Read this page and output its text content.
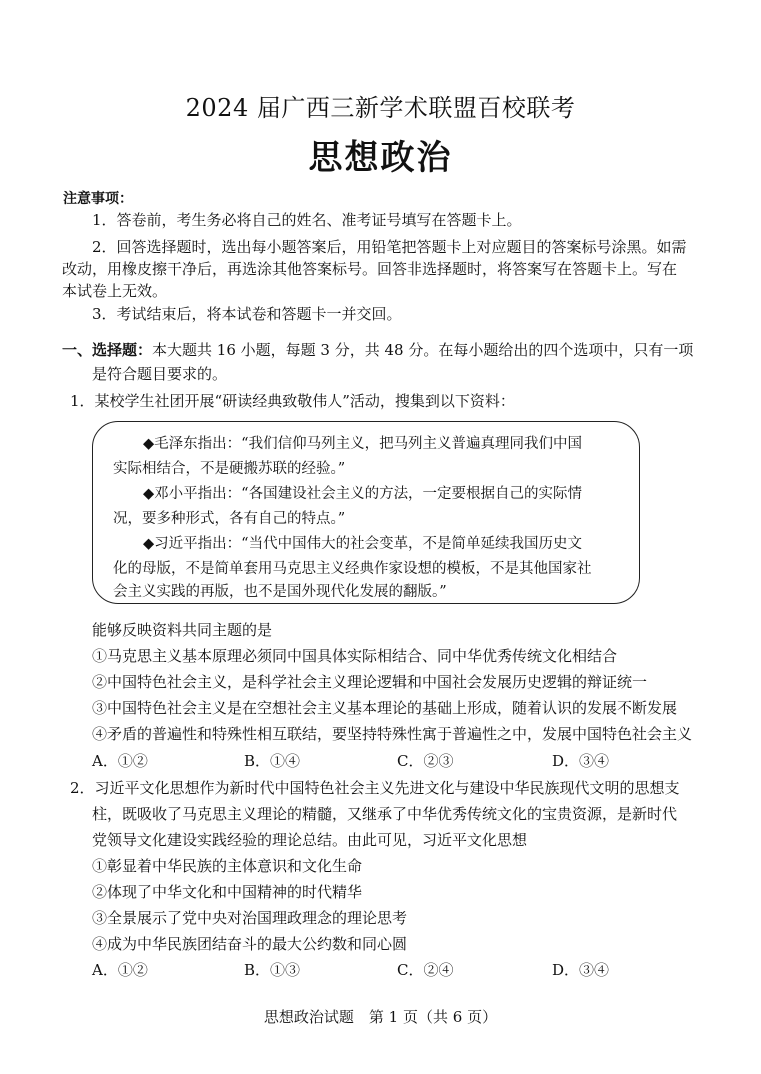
2024 届广西三新学术联盟百校联考
思想政治
注意事项：
1．答卷前，考生务必将自己的姓名、准考证号填写在答题卡上。
2．回答选择题时，选出每小题答案后，用铅笔把答题卡上对应题目的答案标号涂黑。如需
改动，用橡皮擦干净后，再选涂其他答案标号。回答非选择题时，将答案写在答题卡上。写在
本试卷上无效。
3．考试结束后，将本试卷和答题卡一并交回。
一、选择题：本大题共 16 小题，每题 3 分，共 48 分。在每小题给出的四个选项中，只有一项
是符合题目要求的。
1．某校学生社团开展“研读经典致敬伟人”活动，搜集到以下资料：
◆毛泽东指出：“我们信仰马列主义，把马列主义普遍真理同我们中国
实际相结合，不是硬搬苏联的经验。”
◆邓小平指出：“各国建设社会主义的方法，一定要根据自己的实际情
况，要多种形式，各有自己的特点。”
◆习近平指出：“当代中国伟大的社会变革，不是简单延续我国历史文
化的母版，不是简单套用马克思主义经典作家设想的模板，不是其他国家社
会主义实践的再版，也不是国外现代化发展的翻版。”
能够反映资料共同主题的是
①马克思主义基本原理必须同中国具体实际相结合、同中华优秀传统文化相结合
②中国特色社会主义，是科学社会主义理论逻辑和中国社会发展历史逻辑的辩证统一
③中国特色社会主义是在空想社会主义基本理论的基础上形成，随着认识的发展不断发展
④矛盾的普遍性和特殊性相互联结，要坚持特殊性寓于普遍性之中，发展中国特色社会主义
A．①②	B．①④	C．②③	D．③④
2．习近平文化思想作为新时代中国特色社会主义先进文化与建设中华民族现代文明的思想支
柱，既吸收了马克思主义理论的精髓，又继承了中华优秀传统文化的宝贵资源，是新时代
党领导文化建设实践经验的理论总结。由此可见，习近平文化思想
①彰显着中华民族的主体意识和文化生命
②体现了中华文化和中国精神的时代精华
③全景展示了党中央对治国理政理念的理论思考
④成为中华民族团结奋斗的最大公约数和同心圆
A．①②	B．①③	C．②④	D．③④
思想政治试题　第 1 页（共 6 页）
